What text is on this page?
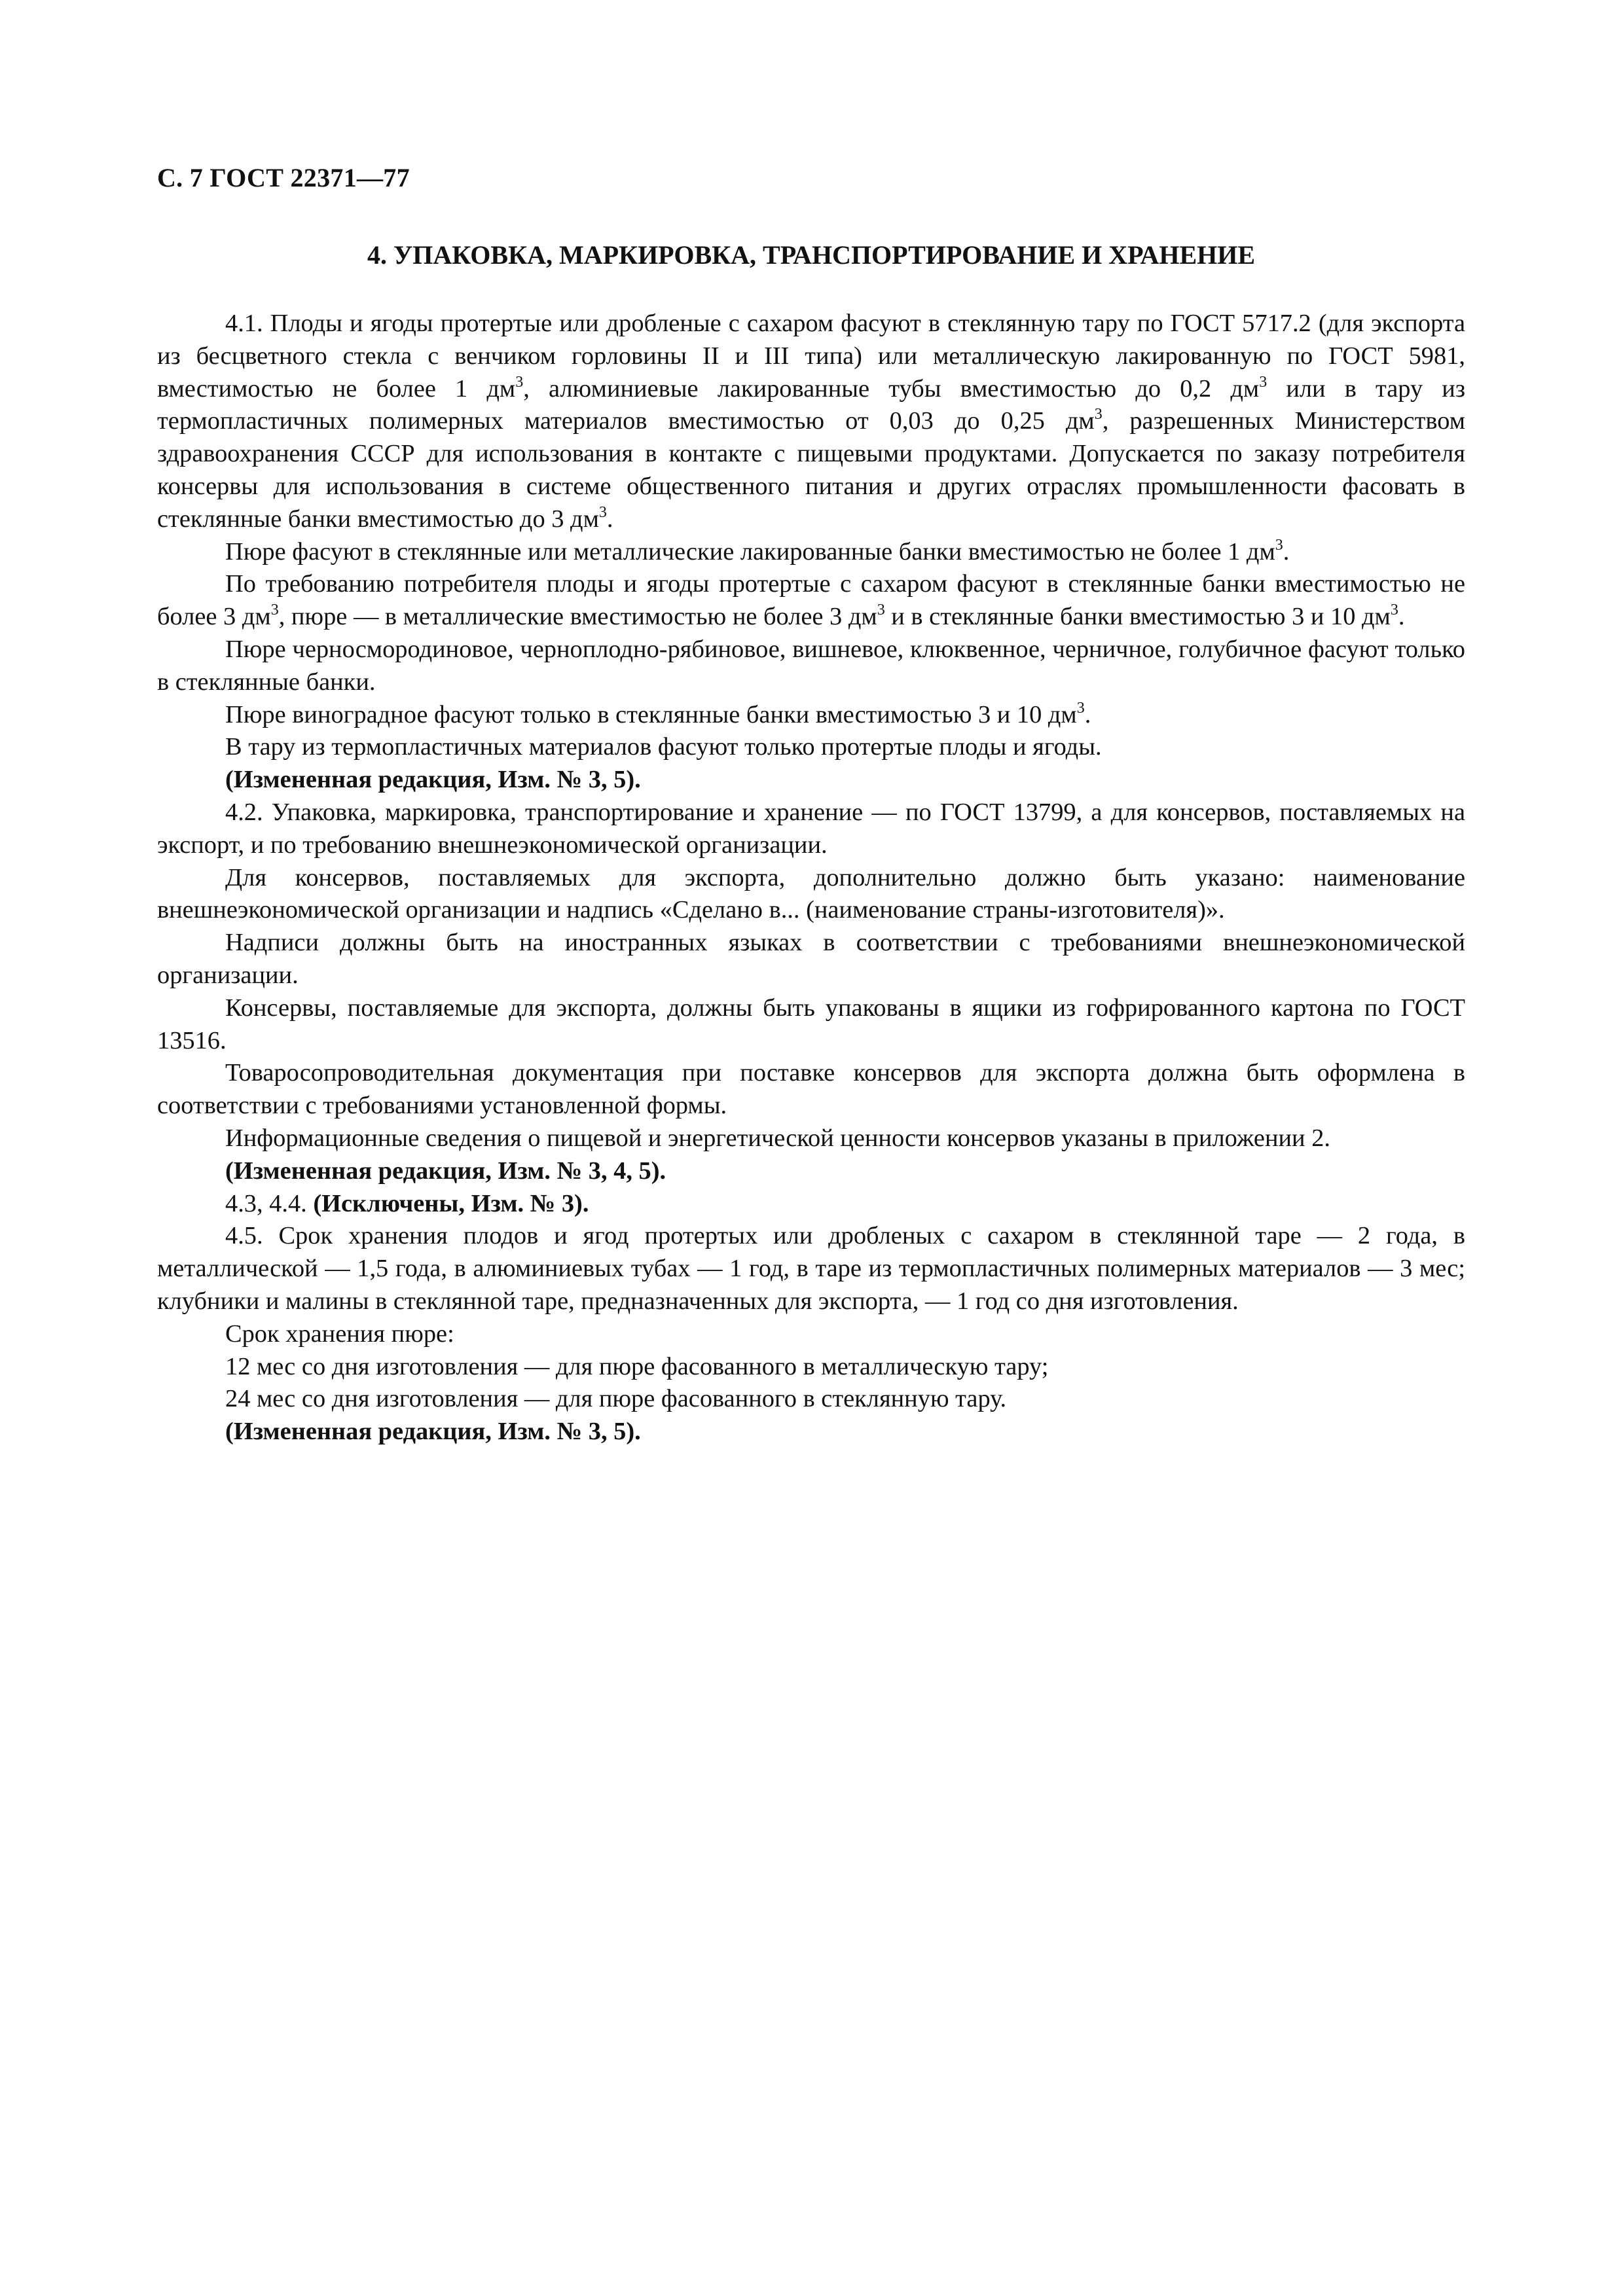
С. 7 ГОСТ 22371—77
4. УПАКОВКА, МАРКИРОВКА, ТРАНСПОРТИРОВАНИЕ И ХРАНЕНИЕ

4.1. Плоды и ягоды протертые или дробленые с сахаром фасуют в стеклянную тару по ГОСТ 5717.2 (для экспорта из бесцветного стекла с венчиком горловины II и III типа) или металлическую лакированную по ГОСТ 5981, вместимостью не более 1 $дм^3$, алюминиевые лакированные тубы вместимостью до 0,2 $дм^3$ или в тару из термопластичных полимерных материалов вместимостью от 0,03 до 0,25 $дм^3$, разрешенных Министерством здравоохранения СССР для использования в контакте с пищевыми продуктами. Допускается по заказу потребителя консервы для использования в системе общественного питания и других отраслях промышленности фасовать в стеклянные банки вместимостью до 3 $дм^3$.

Пюре фасуют в стеклянные или металлические лакированные банки вместимостью не более 1 $дм^3$.

По требованию потребителя плоды и ягоды протертые с сахаром фасуют в стеклянные банки вместимостью не более 3 $дм^3$, пюре — в металлические вместимостью не более 3 $дм^3$ и в стеклянные банки вместимостью 3 и 10 $дм^3$.

Пюре черносмородиновое, черноплодно-рябиновое, вишневое, клюквенное, черничное, голубичное фасуют только в стеклянные банки.

Пюре виноградное фасуют только в стеклянные банки вместимостью 3 и 10 $дм^3$.

В тару из термопластичных материалов фасуют только протертые плоды и ягоды.

(Измененная редакция, Изм. № 3, 5).

4.2. Упаковка, маркировка, транспортирование и хранение — по ГОСТ 13799, а для консервов, поставляемых на экспорт, и по требованию внешнеэкономической организации.

Для консервов, поставляемых для экспорта, дополнительно должно быть указано: наименование внешнеэкономической организации и надпись «Сделано в... (наименование страны-изготовителя)».

Надписи должны быть на иностранных языках в соответствии с требованиями внешнеэкономической организации.

Консервы, поставляемые для экспорта, должны быть упакованы в ящики из гофрированного картона по ГОСТ 13516.

Товаросопроводительная документация при поставке консервов для экспорта должна быть оформлена в соответствии с требованиями установленной формы.

Информационные сведения о пищевой и энергетической ценности консервов указаны в приложении 2.

(Измененная редакция, Изм. № 3, 4, 5).

4.3, 4.4. (Исключены, Изм. № 3).

4.5. Срок хранения плодов и ягод протертых или дробленых с сахаром в стеклянной таре — 2 года, в металлической — 1,5 года, в алюминиевых тубах — 1 год, в таре из термопластичных полимерных материалов — 3 мес; клубники и малины в стеклянной таре, предназначенных для экспорта, — 1 год со дня изготовления.

Срок хранения пюре:

12 мес со дня изготовления — для пюре фасованного в металлическую тару;

24 мес со дня изготовления — для пюре фасованного в стеклянную тару.

(Измененная редакция, Изм. № 3, 5).
